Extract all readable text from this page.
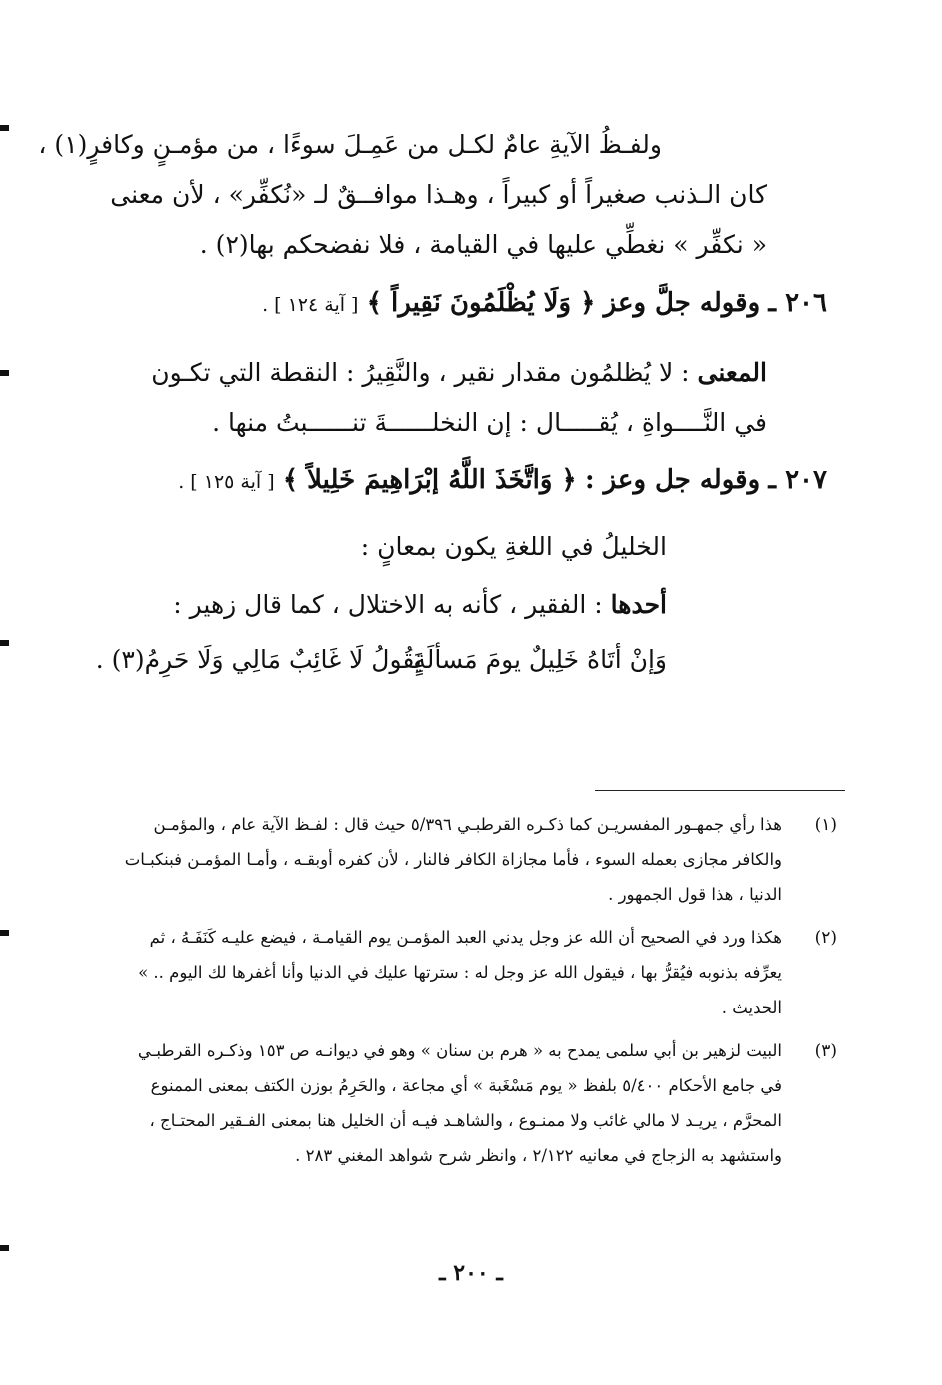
ولفـظُ الآيةِ عامٌ لكـل من عَمِـلَ سوءًا ، من مؤمـنٍ وكافرٍ(١) ،
كان الـذنب صغيراً أو كبيراً ، وهـذا موافــقٌ لـ «نُكفِّر» ، لأن معنى
« نكفِّر » نغطِّي عليها في القيامة ، فلا نفضحكم بها(٢) .
٢٠٦ ـ وقوله جلَّ وعز ﴿ وَلَا يُظْلَمُونَ نَقِيراً ﴾ [ آية ١٢٤ ] .
المعنى : لا يُظلمُون مقدار نقير ، والنَّقِيرُ : النقطة التي تكـون
في النَّــــواةِ ، يُقـــــال : إن النخلــــــةَ تنــــــبتُ منها .
٢٠٧ ـ وقوله جل وعز : ﴿ وَاتَّخَذَ اللَّهُ إبْرَاهِيمَ خَلِيلاً ﴾ [ آية ١٢٥ ] .
الخليلُ في اللغةِ يكون بمعانٍ :
أحدها : الفقير ، كأنه به الاختلال ، كما قال زهير :
وَإنْ أتَاهُ خَلِيلٌ يومَ مَسألَةٍ
يَقُولُ لَا غَائِبٌ مَالِي وَلَا حَرِمُ(٣) .
(١)
هذا رأي جمهـور المفسريـن كما ذكـره القرطبـي ٥/٣٩٦ حيث قال : لفـظ الآية عام ، والمؤمـن
والكافر مجازى بعمله السوء ، فأما مجازاة الكافر فالنار ، لأن كفره أوبقـه ، وأمـا المؤمـن فبنكبـات
الدنيا ، هذا قول الجمهور .
(٢)
هكذا ورد في الصحيح أن الله عز وجل يدني العبد المؤمـن يوم القيامـة ، فيضع عليـه كَنَفَـهُ ، ثم
يعرِّفه بذنوبه فيُقرُّ بها ، فيقول الله عز وجل له : سترتها عليك في الدنيا وأنا أغفرها لك اليوم .. »
الحديث .
(٣)
البيت لزهير بن أبي سلمى يمدح به « هرم بن سنان » وهو في ديوانـه ص ١٥٣ وذكـره القرطبـي
في جامع الأحكام ٥/٤٠٠ بلفظ « يوم مَسْغَبة » أي مجاعة ، والحَرِمُ بوزن الكتف بمعنى الممنوع
المحرَّم ، يريـد لا مالي غائب ولا ممنـوع ، والشاهـد فيـه أن الخليل هنا بمعنى الفـقير المحتـاج ،
واستشهد به الزجاج في معانيه ٢/١٢٢ ، وانظر شرح شواهد المغني ٢٨٣ .
ـ ٢٠٠ ـ
